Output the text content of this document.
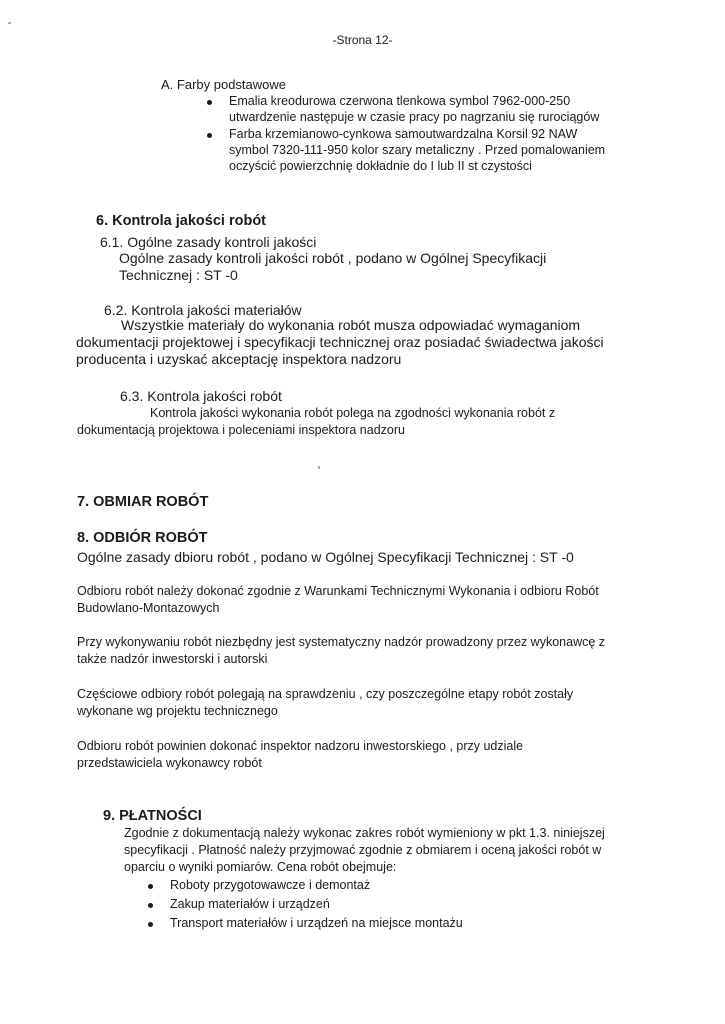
-Strona 12-
A. Farby podstawowe
Emalia kreodurowa czerwona tlenkowa symbol 7962-000-250
utwardzenie następuje w czasie pracy po nagrzaniu się rurociągów
Farba krzemianowo-cynkowa samoutwardzalna Korsil 92 NAW
symbol 7320-111-950 kolor szary metaliczny . Przed pomalowaniem
oczyścić powierzchnię dokładnie do I lub II st czystości
6. Kontrola jakości robót
6.1. Ogólne zasady kontroli jakości
Ogólne zasady kontroli jakości robót , podano w Ogólnej Specyfikacji
Technicznej : ST -0
6.2. Kontrola jakości materiałów
Wszystkie materiały do wykonania robót musza odpowiadać wymaganiom
dokumentacji projektowej i specyfikacji technicznej oraz posiadać świadectwa jakości
producenta i uzyskać akceptację inspektora nadzoru
6.3. Kontrola jakości robót
Kontrola jakości wykonania robót polega na zgodności wykonania robót z
dokumentacją projektowa i poleceniami inspektora nadzoru
7. OBMIAR ROBÓT
8. ODBIÓR ROBÓT
Ogólne zasady dbioru robót , podano w Ogólnej Specyfikacji Technicznej : ST -0
Odbioru robót należy dokonać zgodnie z Warunkami Technicznymi Wykonania i odbioru Robót
Budowlano-Montazowych
Przy wykonywaniu robót niezbędny jest systematyczny nadzór prowadzony przez wykonawcę z
także nadzór inwestorski i autorski
Częściowe odbiory robót polegają na sprawdzeniu , czy poszczególne etapy robót zostały
wykonane wg projektu technicznego
Odbioru robót powinien dokonać inspektor nadzoru inwestorskiego , przy udziale
przedstawiciela wykonawcy robót
9. PŁATNOŚCI
Zgodnie z dokumentacją należy wykonac zakres robót wymieniony w pkt 1.3. niniejszej
specyfikacji . Płatność należy przyjmować zgodnie z obmiarem i oceną jakości robót w
oparciu o wyniki pomiarów. Cena robót obejmuje:
Roboty przygotowawcze i demontaż
Zakup materiałów i urządzeń
Transport materiałów i urządzeń na miejsce montażu
